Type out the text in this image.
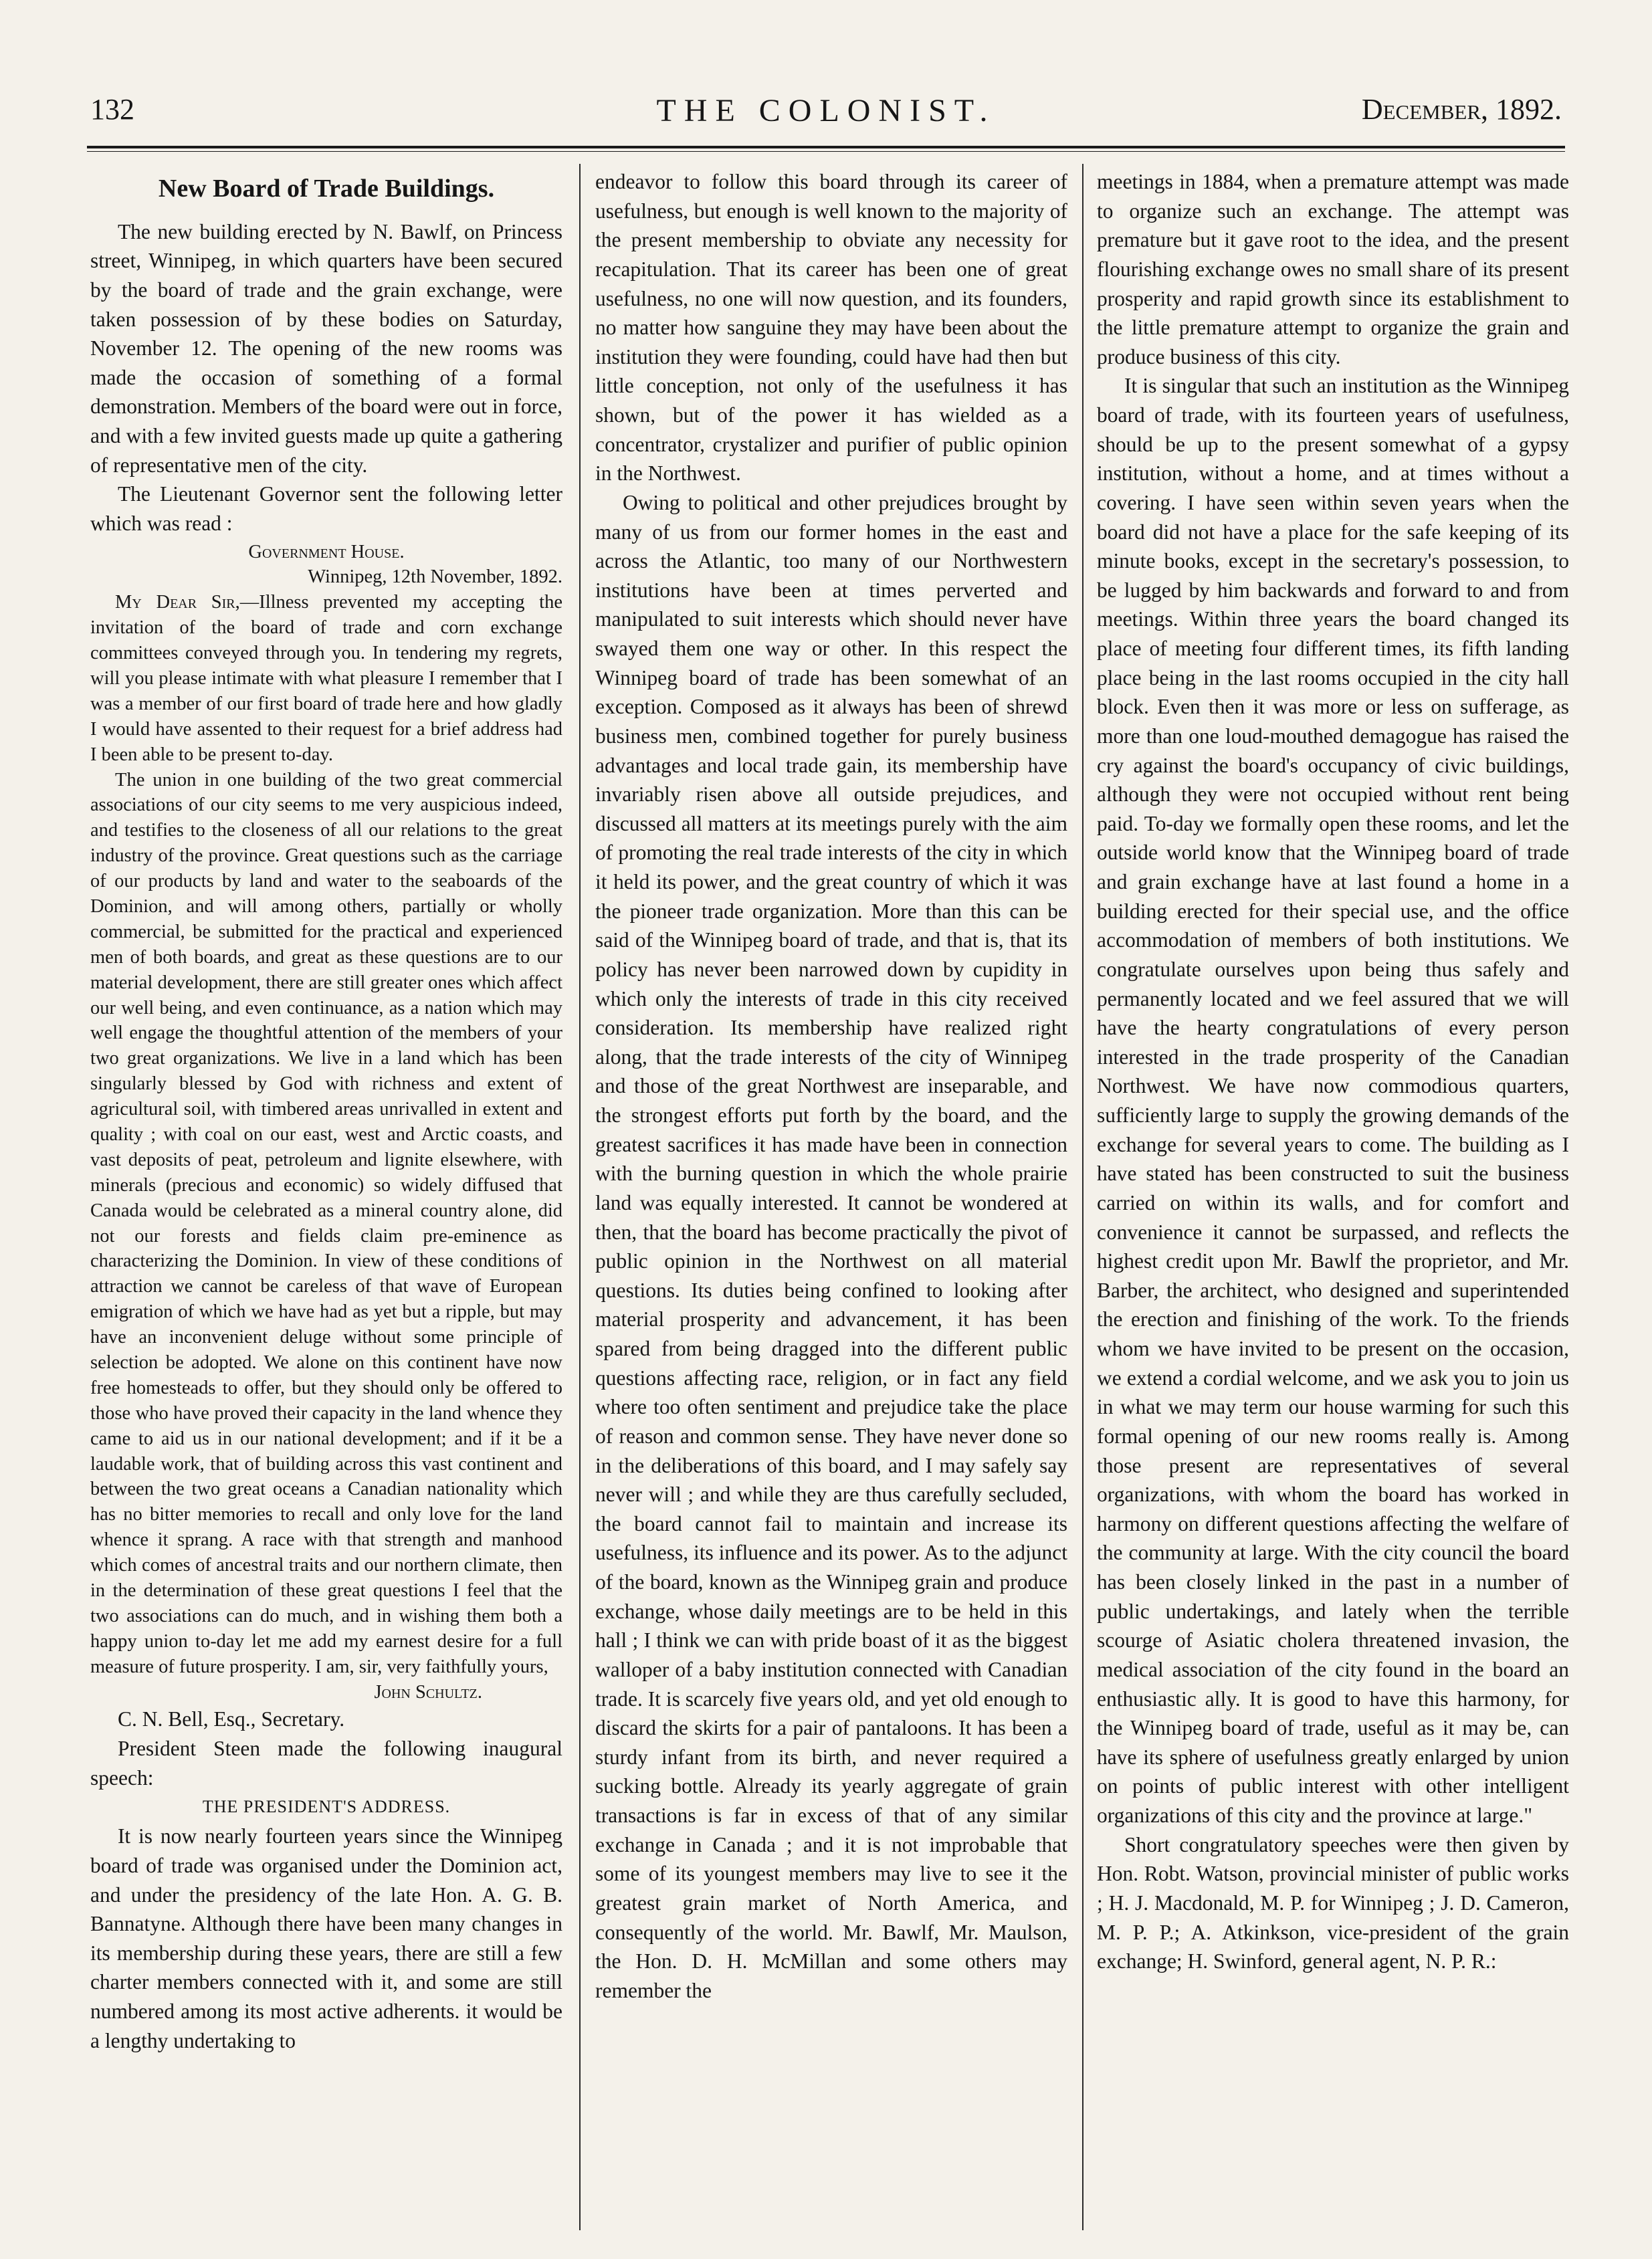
132	THE COLONIST.	December, 1892.
New Board of Trade Buildings.

The new building erected by N. Bawlf, on Princess street, Winnipeg, in which quarters have been secured by the board of trade and the grain exchange, were taken possession of by these bodies on Saturday, November 12. The opening of the new rooms was made the occasion of something of a formal demonstration. Members of the board were out in force, and with a few invited guests made up quite a gathering of representative men of the city.

The Lieutenant Governor sent the following letter which was read :

Government House.
Winnipeg, 12th November, 1892.

My Dear Sir,—Illness prevented my accepting the invitation of the board of trade and corn exchange committees conveyed through you. In tendering my regrets, will you please intimate with what pleasure I remember that I was a member of our first board of trade here and how gladly I would have assented to their request for a brief address had I been able to be present to-day.

The union in one building of the two great commercial associations of our city seems to me very auspicious indeed, and testifies to the closeness of all our relations to the great industry of the province. Great questions such as the carriage of our products by land and water to the seaboards of the Dominion, and will among others, partially or wholly commercial, be submitted for the practical and experienced men of both boards, and great as these questions are to our material development, there are still greater ones which affect our well being, and even continuance, as a nation which may well engage the thoughtful attention of the members of your two great organizations. We live in a land which has been singularly blessed by God with richness and extent of agricultural soil, with timbered areas unrivalled in extent and quality ; with coal on our east, west and Arctic coasts, and vast deposits of peat, petroleum and lignite elsewhere, with minerals (precious and economic) so widely diffused that Canada would be celebrated as a mineral country alone, did not our forests and fields claim pre-eminence as characterizing the Dominion. In view of these conditions of attraction we cannot be careless of that wave of European emigration of which we have had as yet but a ripple, but may have an inconvenient deluge without some principle of selection be adopted. We alone on this continent have now free homesteads to offer, but they should only be offered to those who have proved their capacity in the land whence they came to aid us in our national development; and if it be a laudable work, that of building across this vast continent and between the two great oceans a Canadian nationality which has no bitter memories to recall and only love for the land whence it sprang. A race with that strength and manhood which comes of ancestral traits and our northern climate, then in the determination of these great questions I feel that the two associations can do much, and in wishing them both a happy union to-day let me add my earnest desire for a full measure of future prosperity. I am, sir, very faithfully yours,

John Schultz.

C. N. Bell, Esq., Secretary.

President Steen made the following inaugural speech:

THE PRESIDENT'S ADDRESS.

It is now nearly fourteen years since the Winnipeg board of trade was organised under the Dominion act, and under the presidency of the late Hon. A. G. B. Bannatyne. Although there have been many changes in its membership during these years, there are still a few charter members connected with it, and some are still numbered among its most active adherents. it would be a lengthy undertaking to

endeavor to follow this board through its career of usefulness, but enough is well known to the majority of the present membership to obviate any necessity for recapitulation. That its career has been one of great usefulness, no one will now question, and its founders, no matter how sanguine they may have been about the institution they were founding, could have had then but little conception, not only of the usefulness it has shown, but of the power it has wielded as a concentrator, crystalizer and purifier of public opinion in the Northwest.

Owing to political and other prejudices brought by many of us from our former homes in the east and across the Atlantic, too many of our Northwestern institutions have been at times perverted and manipulated to suit interests which should never have swayed them one way or other. In this respect the Winnipeg board of trade has been somewhat of an exception. Composed as it always has been of shrewd business men, combined together for purely business advantages and local trade gain, its membership have invariably risen above all outside prejudices, and discussed all matters at its meetings purely with the aim of promoting the real trade interests of the city in which it held its power, and the great country of which it was the pioneer trade organization. More than this can be said of the Winnipeg board of trade, and that is, that its policy has never been narrowed down by cupidity in which only the interests of trade in this city received consideration. Its membership have realized right along, that the trade interests of the city of Winnipeg and those of the great Northwest are inseparable, and the strongest efforts put forth by the board, and the greatest sacrifices it has made have been in connection with the burning question in which the whole prairie land was equally interested. It cannot be wondered at then, that the board has become practically the pivot of public opinion in the Northwest on all material questions. Its duties being confined to looking after material prosperity and advancement, it has been spared from being dragged into the different public questions affecting race, religion, or in fact any field where too often sentiment and prejudice take the place of reason and common sense. They have never done so in the deliberations of this board, and I may safely say never will ; and while they are thus carefully secluded, the board cannot fail to maintain and increase its usefulness, its influence and its power. As to the adjunct of the board, known as the Winnipeg grain and produce exchange, whose daily meetings are to be held in this hall ; I think we can with pride boast of it as the biggest walloper of a baby institution connected with Canadian trade. It is scarcely five years old, and yet old enough to discard the skirts for a pair of pantaloons. It has been a sturdy infant from its birth, and never required a sucking bottle. Already its yearly aggregate of grain transactions is far in excess of that of any similar exchange in Canada ; and it is not improbable that some of its youngest members may live to see it the greatest grain market of North America, and consequently of the world. Mr. Bawlf, Mr. Maulson, the Hon. D. H. McMillan and some others may remember the

meetings in 1884, when a premature attempt was made to organize such an exchange. The attempt was premature but it gave root to the idea, and the present flourishing exchange owes no small share of its present prosperity and rapid growth since its establishment to the little premature attempt to organize the grain and produce business of this city.

It is singular that such an institution as the Winnipeg board of trade, with its fourteen years of usefulness, should be up to the present somewhat of a gypsy institution, without a home, and at times without a covering. I have seen within seven years when the board did not have a place for the safe keeping of its minute books, except in the secretary's possession, to be lugged by him backwards and forward to and from meetings. Within three years the board changed its place of meeting four different times, its fifth landing place being in the last rooms occupied in the city hall block. Even then it was more or less on sufferage, as more than one loud-mouthed demagogue has raised the cry against the board's occupancy of civic buildings, although they were not occupied without rent being paid. To-day we formally open these rooms, and let the outside world know that the Winnipeg board of trade and grain exchange have at last found a home in a building erected for their special use, and the office accommodation of members of both institutions. We congratulate ourselves upon being thus safely and permanently located and we feel assured that we will have the hearty congratulations of every person interested in the trade prosperity of the Canadian Northwest. We have now commodious quarters, sufficiently large to supply the growing demands of the exchange for several years to come. The building as I have stated has been constructed to suit the business carried on within its walls, and for comfort and convenience it cannot be surpassed, and reflects the highest credit upon Mr. Bawlf the proprietor, and Mr. Barber, the architect, who designed and superintended the erection and finishing of the work. To the friends whom we have invited to be present on the occasion, we extend a cordial welcome, and we ask you to join us in what we may term our house warming for such this formal opening of our new rooms really is. Among those present are representatives of several organizations, with whom the board has worked in harmony on different questions affecting the welfare of the community at large. With the city council the board has been closely linked in the past in a number of public undertakings, and lately when the terrible scourge of Asiatic cholera threatened invasion, the medical association of the city found in the board an enthusiastic ally. It is good to have this harmony, for the Winnipeg board of trade, useful as it may be, can have its sphere of usefulness greatly enlarged by union on points of public interest with other intelligent organizations of this city and the province at large."

Short congratulatory speeches were then given by Hon. Robt. Watson, provincial minister of public works ; H. J. Macdonald, M. P. for Winnipeg ; J. D. Cameron, M. P. P.; A. Atkinkson, vice-president of the grain exchange; H. Swinford, general agent, N. P. R.:
